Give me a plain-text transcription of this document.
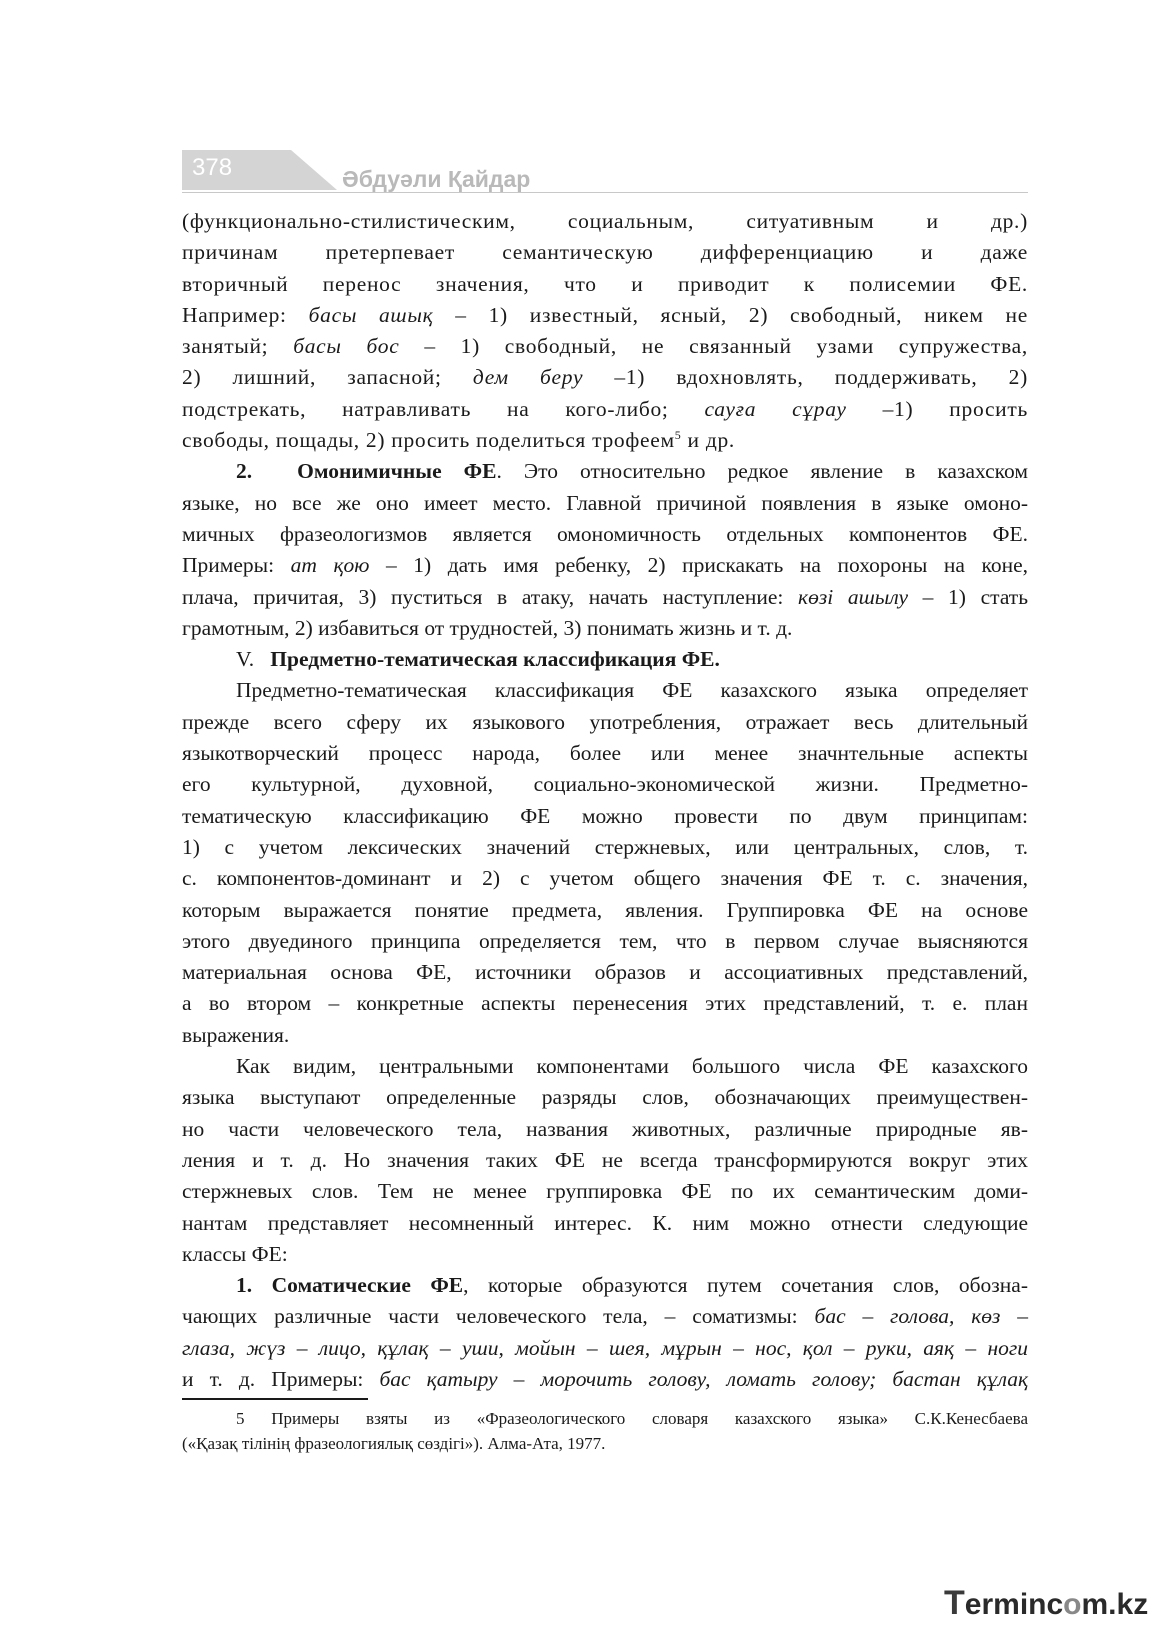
378	Әбдуәли Қайдар
(функционально-стилистическим, социальным, ситуативным и др.)
причинам претерпевает семантическую дифференциацию и даже
вторичный перенос значения, что и приводит к полисемии ФЕ.
Например: басы ашық – 1) известный, ясный, 2) свободный, никем не
занятый; басы бос – 1) свободный, не связанный узами супружества,
2) лишний, запасной; дем беру –1) вдохновлять, поддерживать, 2)
подстрекать, натравливать на кого-либо; сауға сұрау –1) просить
свободы, пощады, 2) просить поделиться трофеем$^5$ и др.
2. Омонимичные ФЕ. Это относительно редкое явление в казахском
языке, но все же оно имеет место. Главной причиной появления в языке омоно-
мичных фразеологизмов является омономичность отдельных компонентов ФЕ.
Примеры: ат қою – 1) дать имя ребенку, 2) прискакать на похороны на коне,
плача, причитая, 3) пуститься в атаку, начать наступление: көзі ашылу – 1) стать
грамотным, 2) избавиться от трудностей, 3) понимать жизнь и т. д.
V. Предметно-тематическая классификация ФЕ.
Предметно-тематическая классификация ФЕ казахского языка определяет
прежде всего сферу их языкового употребления, отражает весь длительный
языкотворческий процесс народа, более или менее значнтельные аспекты
его культурной, духовной, социально-экономической жизни. Предметно-
тематическую классификацию ФЕ можно провести по двум принципам:
1) с учетом лексических значений стержневых, или центральных, слов, т.
с. компонентов-доминант и 2) с учетом общего значения ФЕ т. с. значения,
которым выражается понятие предмета, явления. Группировка ФЕ на основе
этого двуединого принципа определяется тем, что в первом случае выясняются
материальная основа ФЕ, источники образов и ассоциативных представлений,
а во втором – конкретные аспекты перенесения этих представлений, т. е. план
выражения.
Как видим, центральными компонентами большого числа ФЕ казахского
языка выступают определенные разряды слов, обозначающих преимуществен-
но части человеческого тела, названия животных, различные природные яв-
ления и т. д. Но значения таких ФЕ не всегда трансформируются вокруг этих
стержневых слов. Тем не менее группировка ФЕ по их семантическим доми-
нантам представляет несомненный интерес. К. ним можно отнести следующие
классы ФЕ:
1. Соматические ФЕ, которые образуются путем сочетания слов, обозна-
чающих различные части человеческого тела, – соматизмы: бас – голова, көз –
глаза, жүз – лицо, құлақ – уши, мойын – шея, мұрын – нос, қол – руки, аяқ – ноги
и т. д. Примеры: бас қатыру – морочить голову, ломать голову; бастан құлақ
5 Примеры взяты из «Фразеологического словаря казахского языка» С.К.Кенесбаева
(«Қазақ тілінің фразеологиялық сөздігі»). Алма-Ата, 1977.
Termincom.kz
